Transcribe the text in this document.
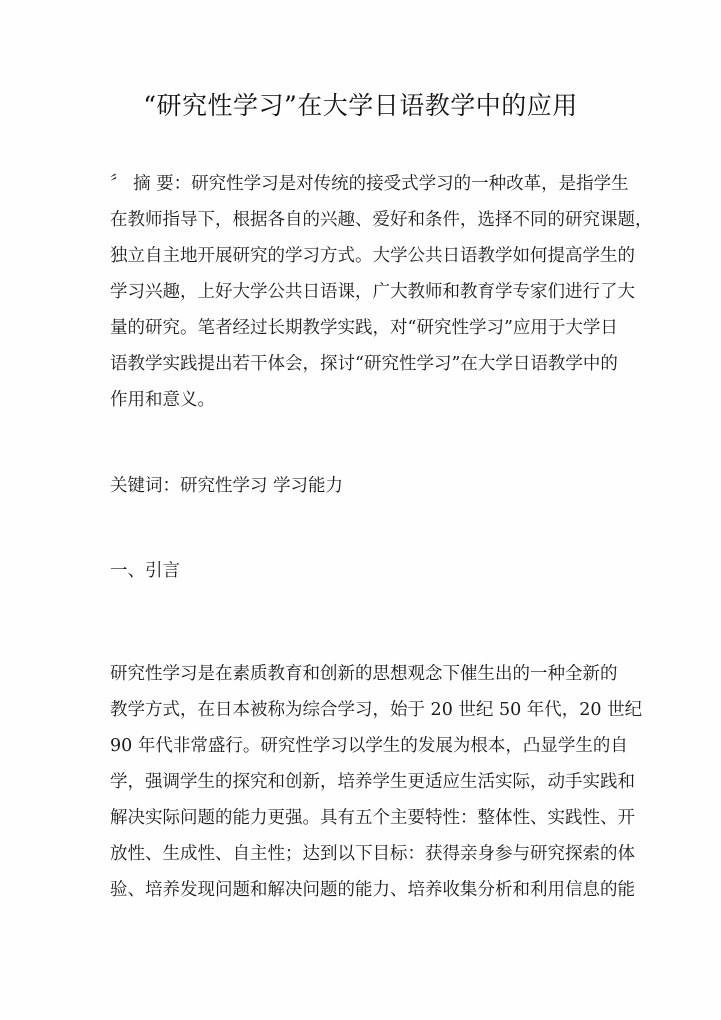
“研究性学习”在大学日语教学中的应用
〞 摘 要：研究性学习是对传统的接受式学习的一种改革，是指学生
在教师指导下，根据各自的兴趣、爱好和条件，选择不同的研究课题，
独立自主地开展研究的学习方式。大学公共日语教学如何提高学生的
学习兴趣，上好大学公共日语课，广大教师和教育学专家们进行了大
量的研究。笔者经过长期教学实践，对“研究性学习”应用于大学日
语教学实践提出若干体会，探讨“研究性学习”在大学日语教学中的
作用和意义。
关键词：研究性学习 学习能力
一、引言
研究性学习是在素质教育和创新的思想观念下催生出的一种全新的
教学方式，在日本被称为综合学习，始于 20 世纪 50 年代，20 世纪
90 年代非常盛行。研究性学习以学生的发展为根本，凸显学生的自
学，强调学生的探究和创新，培养学生更适应生活实际，动手实践和
解决实际问题的能力更强。具有五个主要特性：整体性、实践性、开
放性、生成性、自主性；达到以下目标：获得亲身参与研究探索的体
验、培养发现问题和解决问题的能力、培养收集分析和利用信息的能
